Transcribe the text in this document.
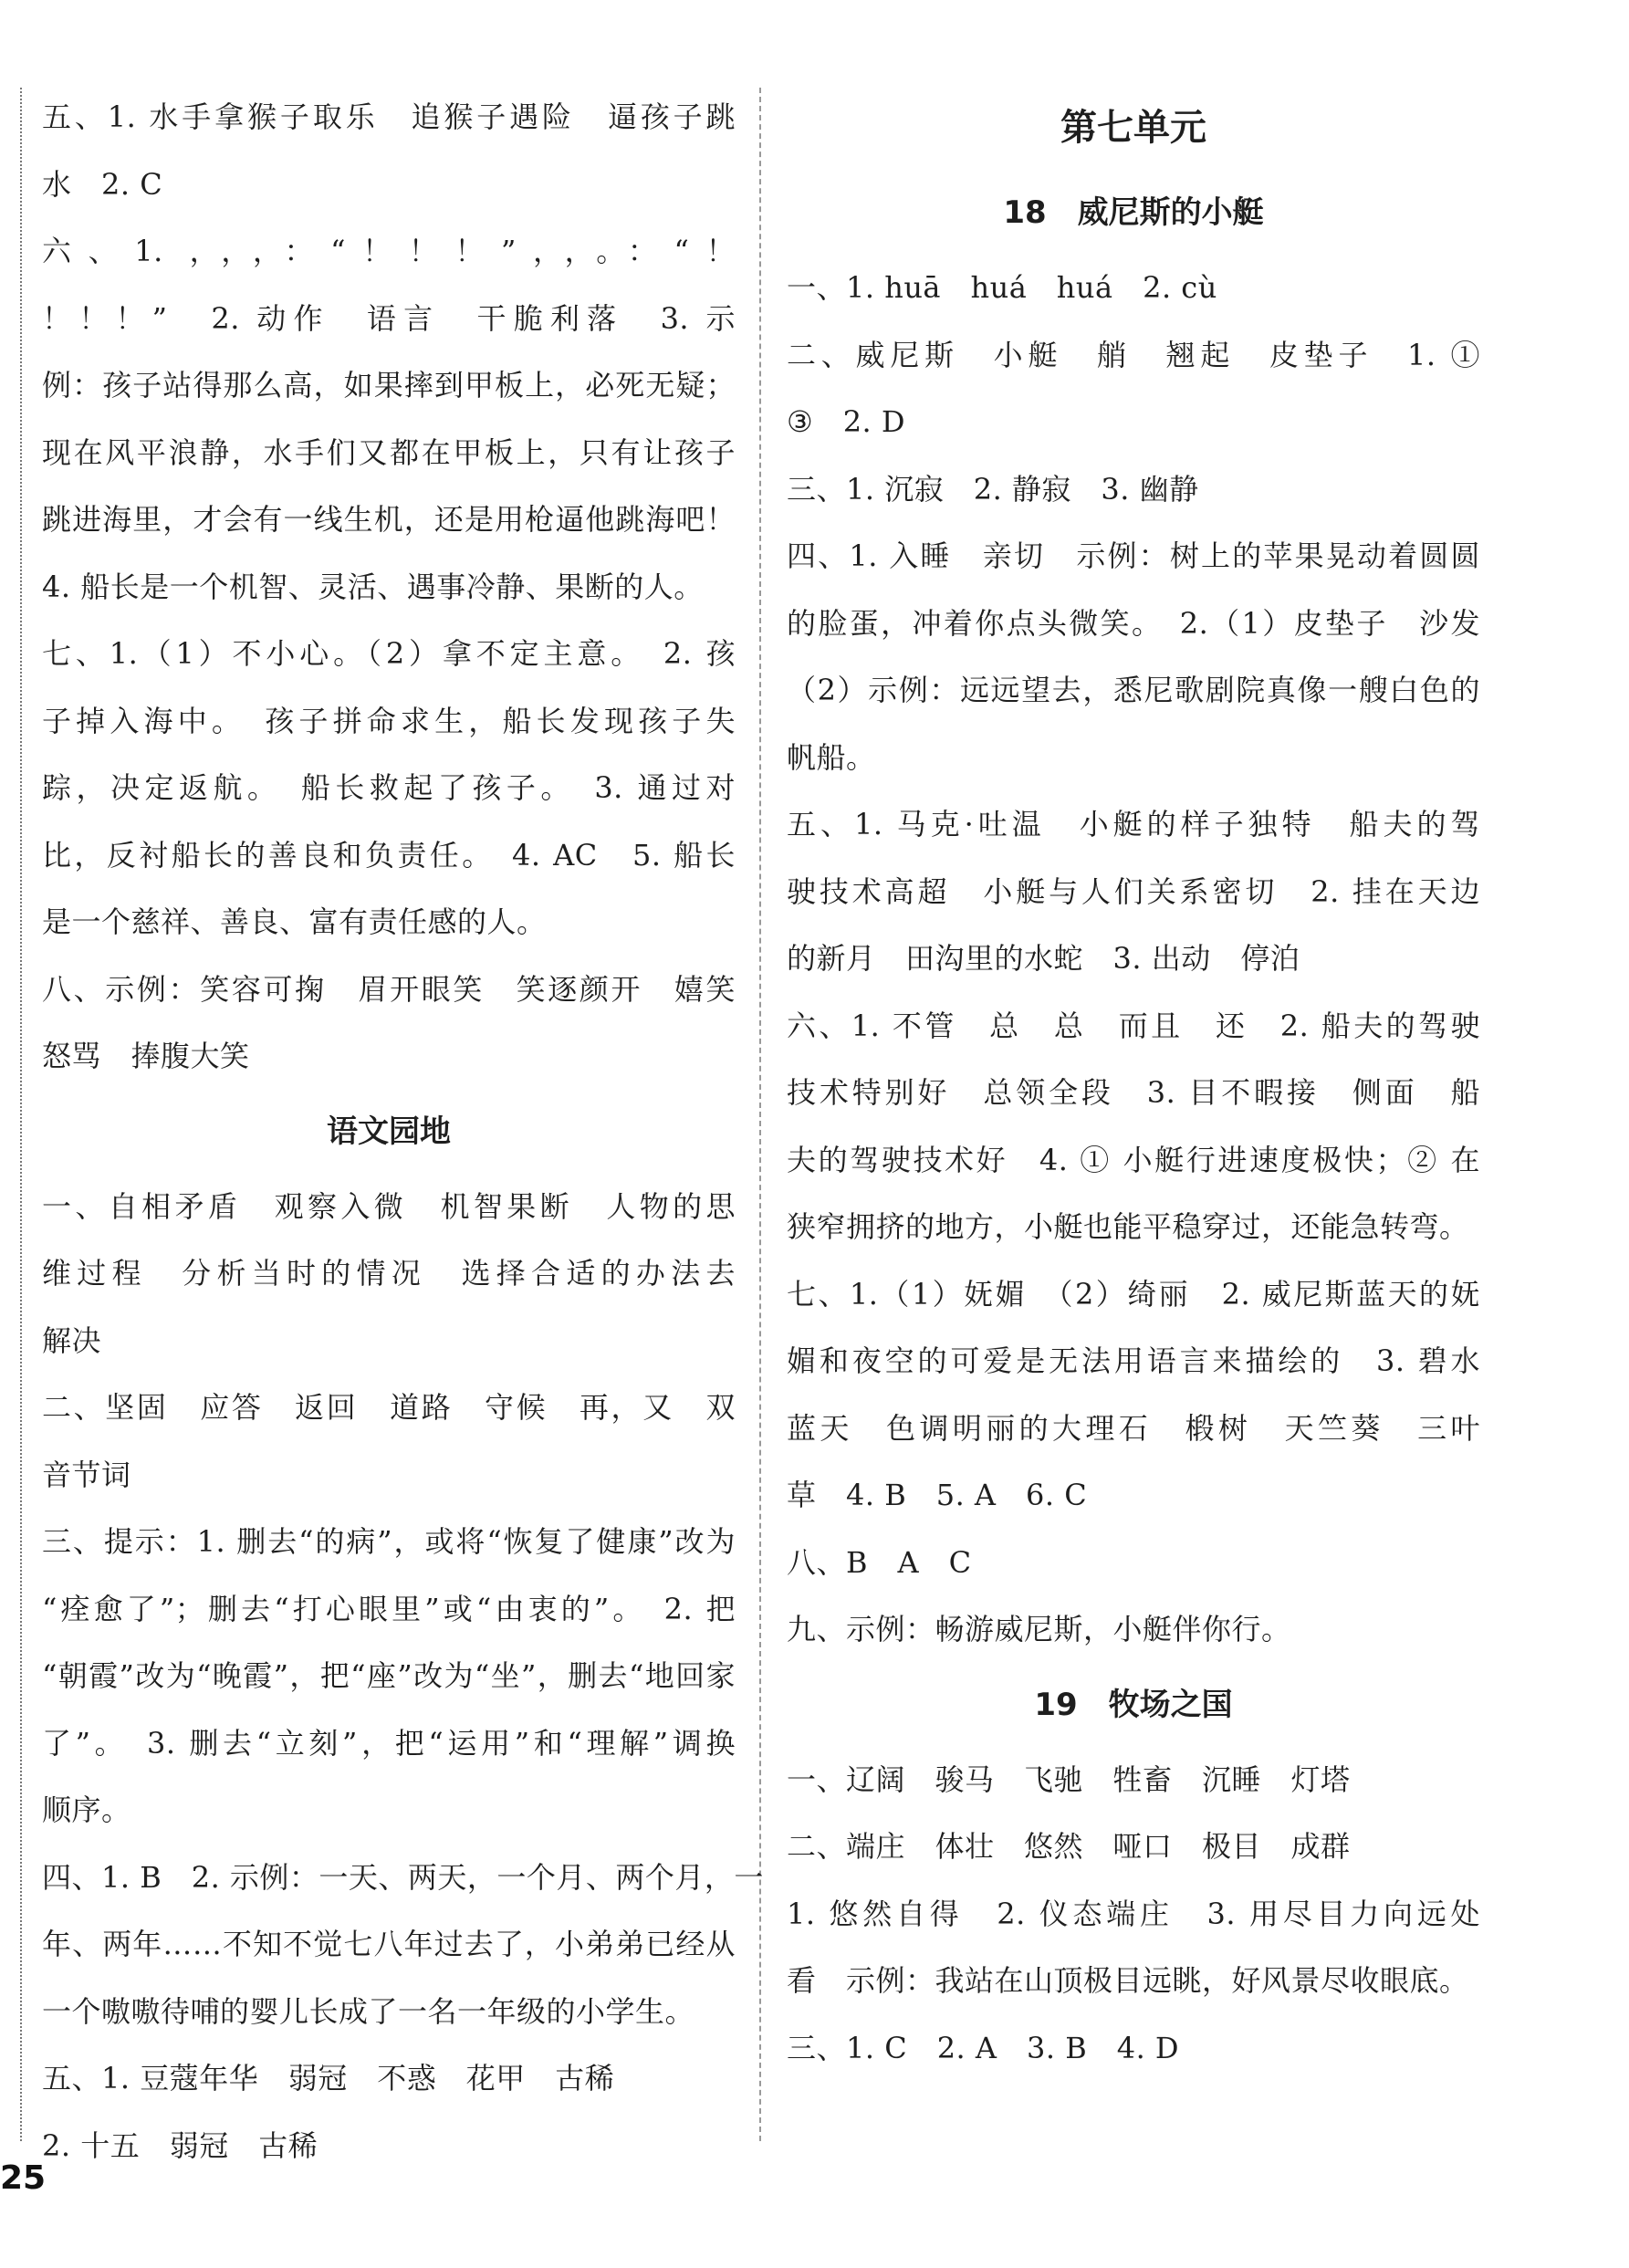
五、1. 水手拿猴子取乐　追猴子遇险　逼孩子跳

水　2. C

六、1. ，，，：“！！！”，，。：“！

！！！”　2. 动作　语言　干脆利落　3. 示

例：孩子站得那么高，如果摔到甲板上，必死无疑；

现在风平浪静，水手们又都在甲板上，只有让孩子

跳进海里，才会有一线生机，还是用枪逼他跳海吧！

4. 船长是一个机智、灵活、遇事冷静、果断的人。

七、1.（1）不小心。（2）拿不定主意。　2. 孩

子掉入海中。　孩子拼命求生，船长发现孩子失

踪，决定返航。　船长救起了孩子。　3. 通过对

比，反衬船长的善良和负责任。　4. AC　5. 船长

是一个慈祥、善良、富有责任感的人。

八、示例：笑容可掬　眉开眼笑　笑逐颜开　嬉笑

怒骂　捧腹大笑

语文园地

一、自相矛盾　观察入微　机智果断　人物的思

维过程　分析当时的情况　选择合适的办法去

解决

二、坚固　应答　返回　道路　守候　再，又　双

音节词

三、提示：1. 删去“的病”，或将“恢复了健康”改为

“痊愈了”；删去“打心眼里”或“由衷的”。　2. 把

“朝霞”改为“晚霞”，把“座”改为“坐”，删去“地回家

了”。　3. 删去“立刻”，把“运用”和“理解”调换

顺序。

四、1. B　2. 示例：一天、两天，一个月、两个月，一

年、两年……不知不觉七八年过去了，小弟弟已经从

一个嗷嗷待哺的婴儿长成了一名一年级的小学生。

五、1. 豆蔻年华　弱冠　不惑　花甲　古稀

2. 十五　弱冠　古稀

第七单元
18　威尼斯的小艇

一、1. huā　huá　huá　2. cù

二、威尼斯　小艇　艄　翘起　皮垫子　1. ①

③　2. D

三、1. 沉寂　2. 静寂　3. 幽静

四、1. 入睡　亲切　示例：树上的苹果晃动着圆圆

的脸蛋，冲着你点头微笑。　2.（1）皮垫子　沙发

（2）示例：远远望去，悉尼歌剧院真像一艘白色的

帆船。

五、1. 马克·吐温　小艇的样子独特　船夫的驾

驶技术高超　小艇与人们关系密切　2. 挂在天边

的新月　田沟里的水蛇　3. 出动　停泊

六、1. 不管　总　总　而且　还　2. 船夫的驾驶

技术特别好　总领全段　3. 目不暇接　侧面　船

夫的驾驶技术好　4. ① 小艇行进速度极快；② 在

狭窄拥挤的地方，小艇也能平稳穿过，还能急转弯。

七、1.（1）妩媚　（2）绮丽　2. 威尼斯蓝天的妩

媚和夜空的可爱是无法用语言来描绘的　3. 碧水

蓝天　色调明丽的大理石　椴树　天竺葵　三叶

草　4. B　5. A　6. C

八、B　A　C

九、示例：畅游威尼斯，小艇伴你行。

19　牧场之国

一、辽阔　骏马　飞驰　牲畜　沉睡　灯塔

二、端庄　体壮　悠然　哑口　极目　成群

1. 悠然自得　2. 仪态端庄　3. 用尽目力向远处

看　示例：我站在山顶极目远眺，好风景尽收眼底。

三、1. C　2. A　3. B　4. D

25
